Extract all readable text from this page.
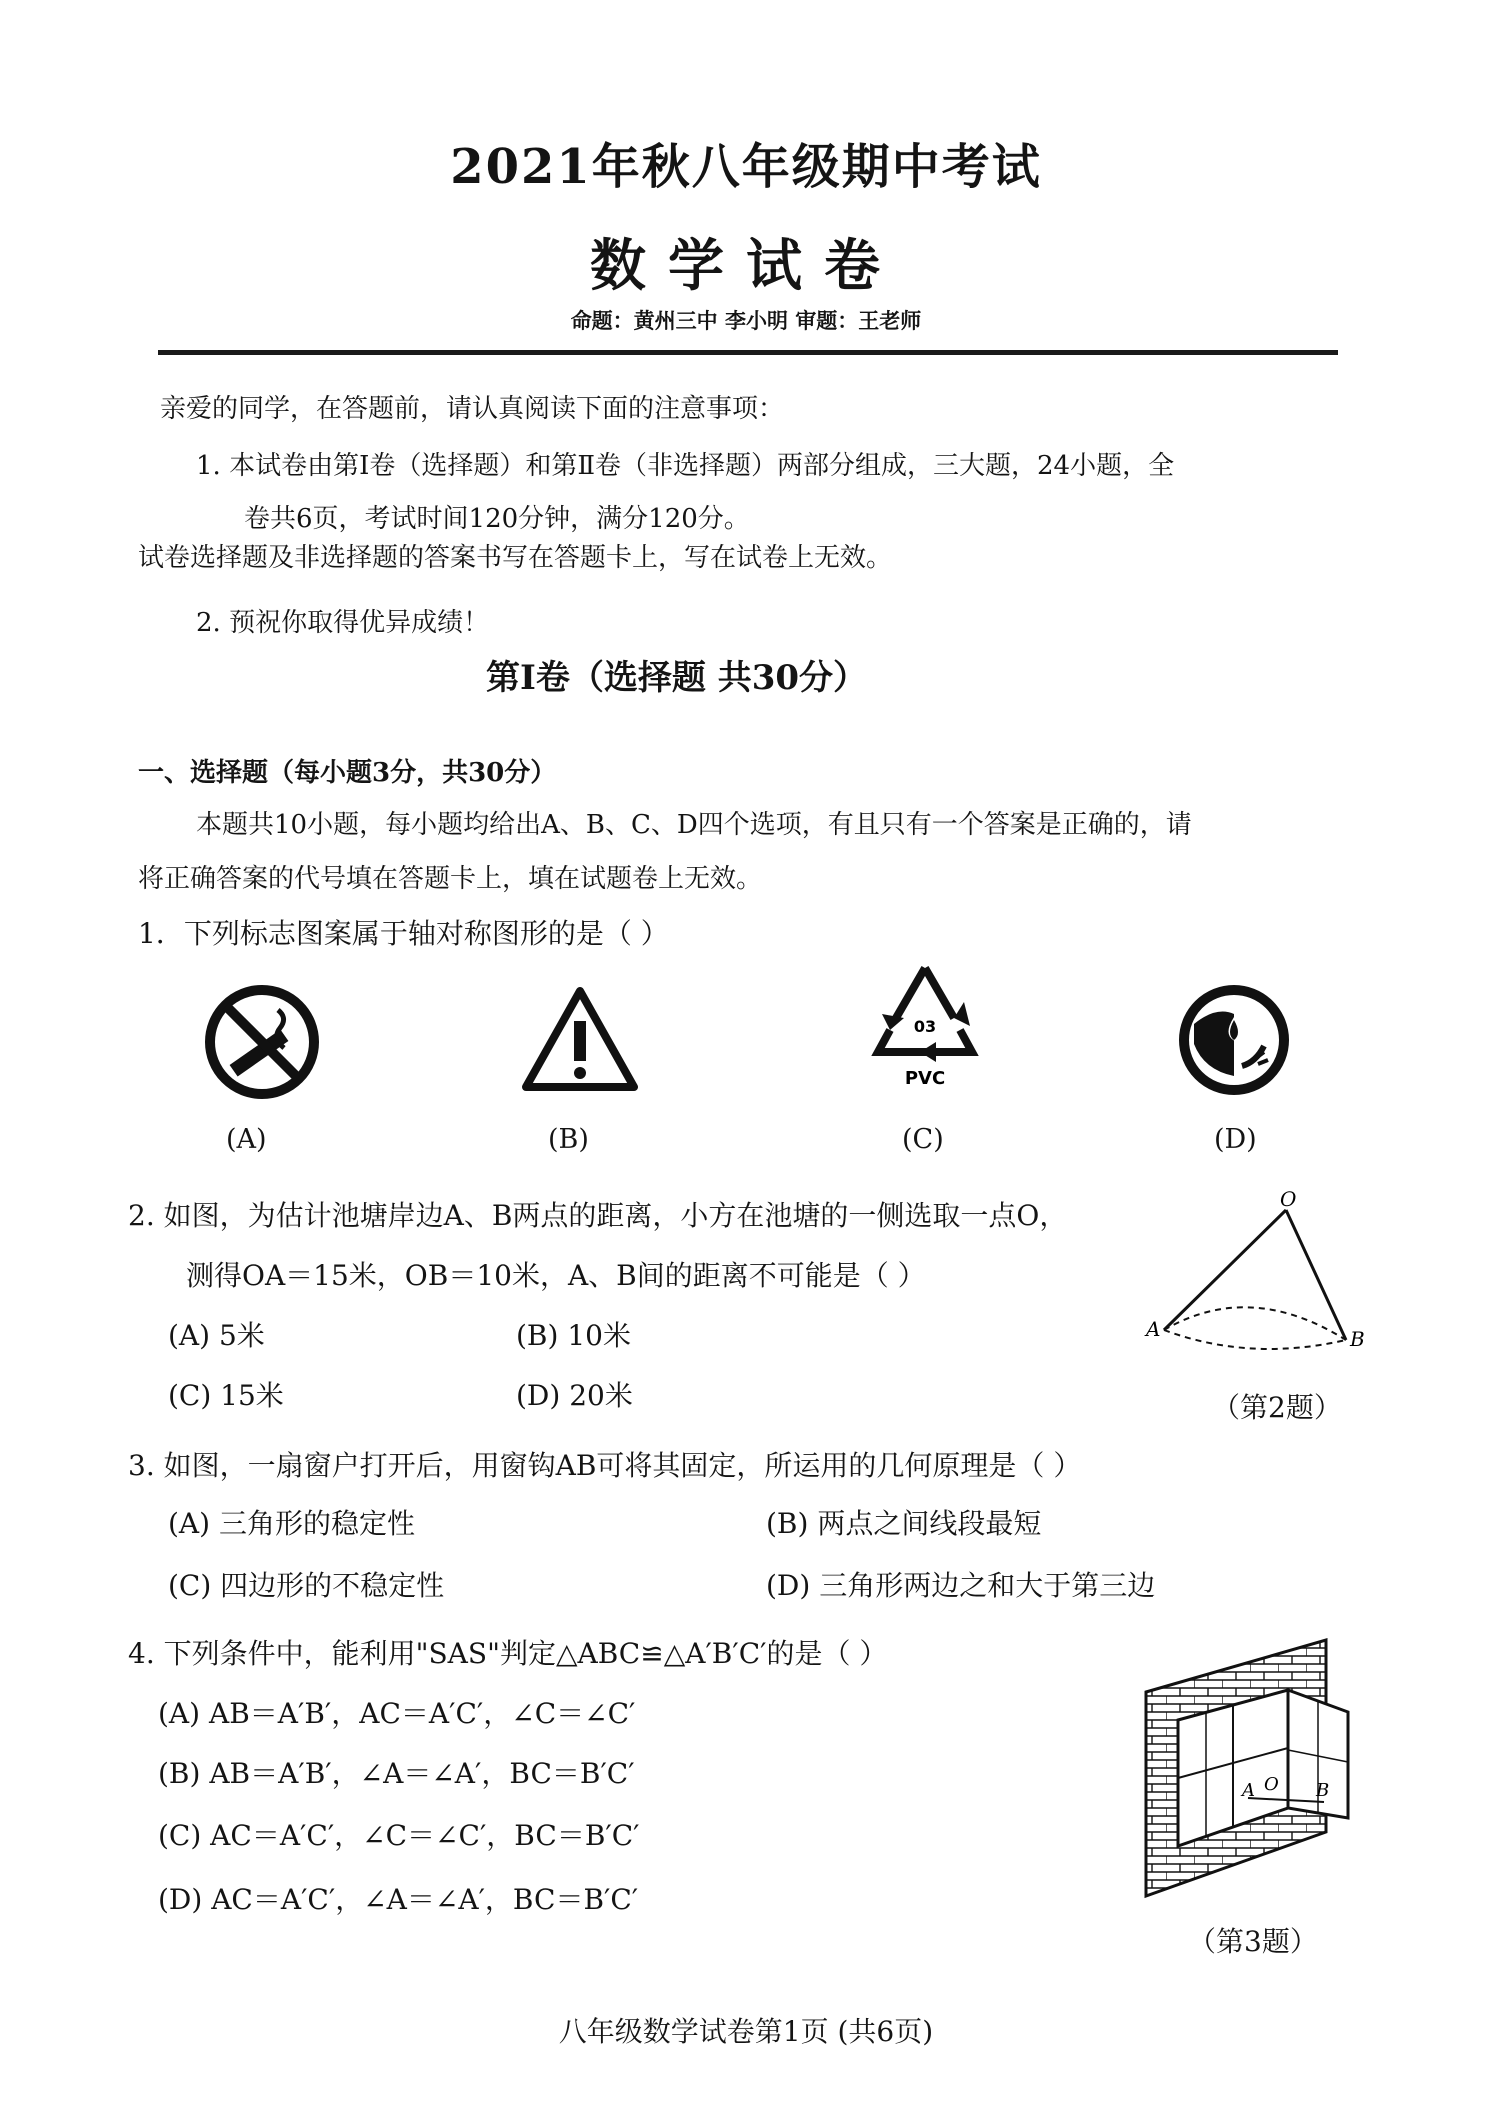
2021年秋八年级期中考试
数学试卷
命题：黄州三中 李小明 审题：王老师
亲爱的同学，在答题前，请认真阅读下面的注意事项：
1. 本试卷由第Ⅰ卷（选择题）和第Ⅱ卷（非选择题）两部分组成，三大题，24小题，全
卷共6页，考试时间120分钟，满分120分。
试卷选择题及非选择题的答案书写在答题卡上，写在试卷上无效。
2. 预祝你取得优异成绩！
第Ⅰ卷（选择题 共30分）
一、选择题（每小题3分，共30分）
本题共10小题，每小题均给出A、B、C、D四个选项，有且只有一个答案是正确的，请
将正确答案的代号填在答题卡上，填在试题卷上无效。
1．下列标志图案属于轴对称图形的是（ ）
(A)	(B)
03
PVC
(C)	(D)
2. 如图，为估计池塘岸边A、B两点的距离，小方在池塘的一侧选取一点O，
测得OA＝15米，OB＝10米，A、B间的距离不可能是（ ）
(A) 5米	(B) 10米
(C) 15米	(D) 20米
O
A	B
（第2题）
3. 如图，一扇窗户打开后，用窗钩AB可将其固定，所运用的几何原理是（ ）
(A) 三角形的稳定性	(B) 两点之间线段最短
(C) 四边形的不稳定性	(D) 三角形两边之和大于第三边
4. 下列条件中，能利用"SAS"判定△ABC≌△A′B′C′的是（ ）
(A) AB＝A′B′，AC＝A′C′，∠C＝∠C′
(B) AB＝A′B′，∠A＝∠A′，BC＝B′C′
(C) AC＝A′C′，∠C＝∠C′，BC＝B′C′
(D) AC＝A′C′，∠A＝∠A′，BC＝B′C′
A O B
（第3题）
八年级数学试卷第1页 (共6页)
